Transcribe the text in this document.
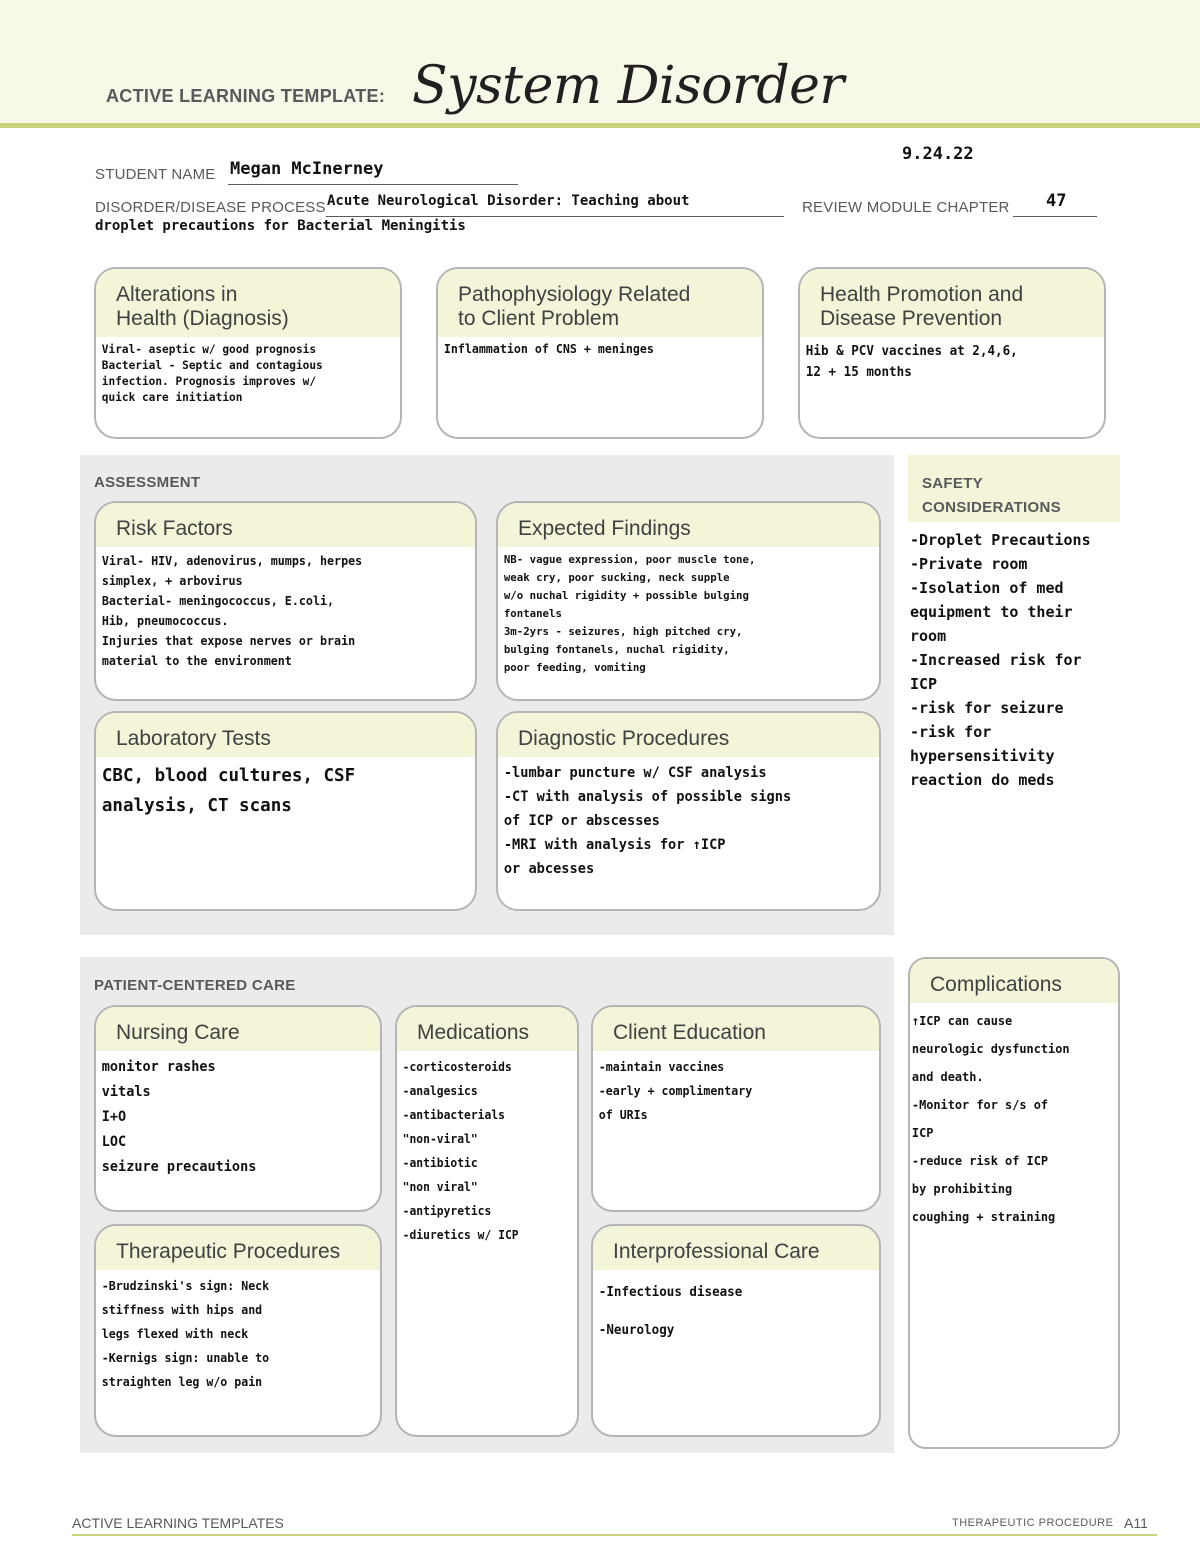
ACTIVE LEARNING TEMPLATE: System Disorder
STUDENT NAME Megan McInerney
9.24.22
DISORDER/DISEASE PROCESS Acute Neurological Disorder: Teaching about
droplet precautions for Bacterial Meningitis
REVIEW MODULE CHAPTER 47
Alterations in
Health (Diagnosis)
Viral- aseptic w/ good prognosis
Bacterial - Septic and contagious
infection. Prognosis improves w/
quick care initiation
Pathophysiology Related
to Client Problem
Inflammation of CNS + meninges
Health Promotion and
Disease Prevention
Hib & PCV vaccines at 2,4,6,
12 + 15 months
ASSESSMENT
Risk Factors
Viral- HIV, adenovirus, mumps, herpes
simplex, + arbovirus
Bacterial- meningococcus, E.coli,
Hib, pneumococcus.
Injuries that expose nerves or brain
material to the environment
Expected Findings
NB- vague expression, poor muscle tone,
weak cry, poor sucking, neck supple
w/o nuchal rigidity + possible bulging
fontanels
3m-2yrs - seizures, high pitched cry,
bulging fontanels, nuchal rigidity,
poor feeding, vomiting
Laboratory Tests
CBC, blood cultures, CSF
analysis, CT scans
Diagnostic Procedures
-lumbar puncture w/ CSF analysis
-CT with analysis of possible signs
of ICP or abscesses
-MRI with analysis for ↑ICP
or abcesses
SAFETY
CONSIDERATIONS
-Droplet Precautions
-Private room
-Isolation of med
equipment to their
room
-Increased risk for
ICP
-risk for seizure
-risk for hypersensitivity
reaction do meds
PATIENT-CENTERED CARE
Nursing Care
monitor rashes
vitals
I+O
LOC
seizure precautions
Medications
-corticosteroids
-analgesics
-antibacterials
"non-viral"
-antibiotic
"non viral"
-antipyretics
-diuretics w/ ICP
Client Education
-maintain vaccines
-early + complimentary
of URIs
Therapeutic Procedures
-Brudzinski's sign: Neck
stiffness with hips and
legs flexed with neck
-Kernigs sign: unable to
straighten leg w/o pain
Interprofessional Care
-Infectious disease
-Neurology
Complications
↑ICP can cause
neurologic dysfunction
and death.
-Monitor for s/s of
ICP
-reduce risk of ICP
by prohibiting
coughing + straining
ACTIVE LEARNING TEMPLATES	THERAPEUTIC PROCEDURE A11
